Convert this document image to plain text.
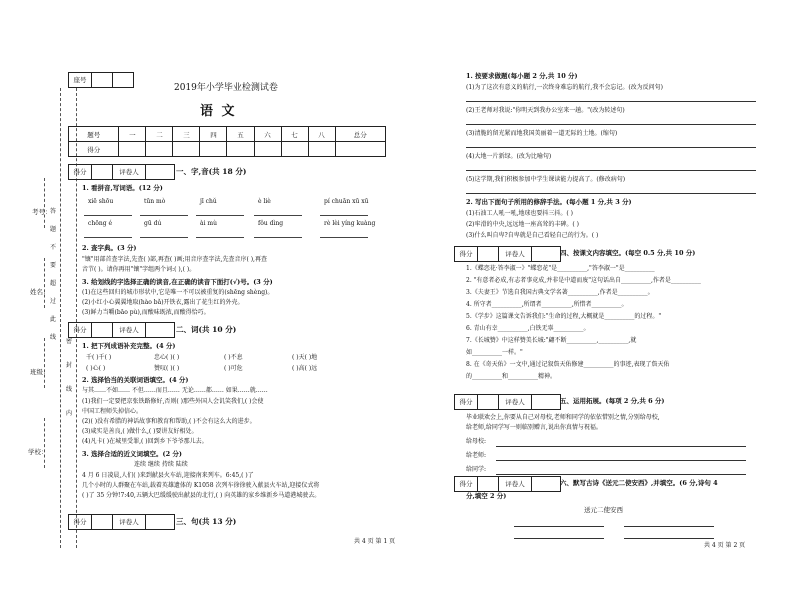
考号：
姓名：
班级：
学校：
座号
2019年小学毕业检测试卷
语 文
题号	一	二	三	四	五	六	七	八	总分
得分									
得分	评卷人	一、字,音(共 18 分)
1. 看拼音,写词语。(12 分)
2. 查字典。(3 分)
"镶"用部首查字法,先查( )部,再查( )画;用音序查字法,先查音序( ),再查
音节( )。请你再用"镶"字组两个词:( ),( )。
3. 给划线的字选择正确的读音,在正确的读音下面打(√)号。(3 分)
(1)在这些回归的城市形状中,它是唯一不可以被重复的(shēng shèng)。
(2)小红小心翼翼地取(hào bǎ)开铁衣,露出了花生红的外壳。
(3)鲜力当嚼(bāo pù),而酸味既浓,而酸得恰巧。
得分	评卷人	二、词(共 10 分)
1. 把下列成语补充完整。(4 分)
2. 选择恰当的关联词语填空。(4 分)
与其……不如…… 不但……而且…… 无论……都…… 如果……就……
(1)我们一定要把京张铁路修好,否则( )那些外国人会讥笑我们,( )会使
中国工程师失掉信心。
(2)( )没有希腊的神话故事和教育和帮助,( )不会有这么大的进步。
(3)咸实是善良,( )做什么,( )要讲友好相处。
(4)凡卡( )在城里受罪,( )回到乡下爷爷那儿去。
3. 选择合适的近义词填空。(2 分)
连续 继续 持续 陆续
4 月 6 日凌晨,人们( )来到献县火车站,迎接南来列车。6:45,( )了
几个小时的人群聚在车站,载着英雄遗体的 K1058 次列车徐徐驶入献县火车站,迎接仪式将
( )了 35 分钟!7:40,五辆大巴缓缓驶出献县的北行,( ) 向英雄的家乡维新乡马道港城驶去。
得分	评卷人	三、句(共 13 分)
共 4 页 第 1 页
1. 按要求做题(每小题 2 分,共 10 分)
2. 写出下面句子所用的修辞手法。(每小题 1 分,共 3 分)
(1)石油工人吼一吼,地球也要抖三抖。( )
(2)牢滑的中央,远远地一座高耸的丰碑。( )
(3)什么叫自卑?自卑就是自己看轻自己的行为。( )
得分	评卷人	四、按课文内容填空。(每空 0.5 分,共 10 分)
得分	评卷人	五、运用拓展。(每项 2 分,共 6 分)
毕业联欢会上,你要从自己对母校,老师和同学的依依惜别之情,分别给母校,
给老师,给同学写一则临别赠言,说出你真情与祝福。
给母校:
给老师:
给同学:
得分	评卷人	六、默写古诗《送元二使安西》,并填空。(6 分,诗句 4
分,填空 2 分)
送元二使安西
共 4 页 第 2 页
答
题
不
要
超
过
此
线
密
封
线
内
xiē shōu	tūn mò	jī chǔ	è liè	pí chuān xū xū
chōng é	gū dú	ài mù	fǒu dìng	rè lèi yíng kuàng
千( )千( )	忠心( )( )	( )不息	( )天( )地
( )心( )	赞叹( )( )	( )可危	( )高( )远
(1)为了这次有意义的航行,一次终身难忘的航行,我不会忘记。(改为反问句)
(2)王老师对我说:"你明天到我办公室来一趟。"(改为转述句)
(3)清脆的留光紧而地我国美丽着一道无际的土地。(缩句)
(4)大地一片新绿。(改为比喻句)
(5)这学期,我们积极参加中学生课读能力提高了。(修改病句)
1.《蝶恋花·答李淑一》"蝶恋花"是__________,"答李淑一"是__________
2. "有意者必成,有志者事竟成,并非是中道而废"这句话出自__________,作者是__________
3.《夫妻王》节选自我国古典文学名著__________,作者是__________。
4. 所守者__________,所谓者__________,所惜者__________。
5.《学步》这篇课文告诉我们:"生命的过程,大概就是__________的过程。"
6. 青山有幸__________,白铁无辜__________。
7.《长城赞》中这样赞美长城:"翩不断__________,__________,就
如__________一样。"
8. 在《奇天佑》一文中,通过记叙詹天佑修建__________的事迹,表现了詹天佑
的__________和__________精神。
